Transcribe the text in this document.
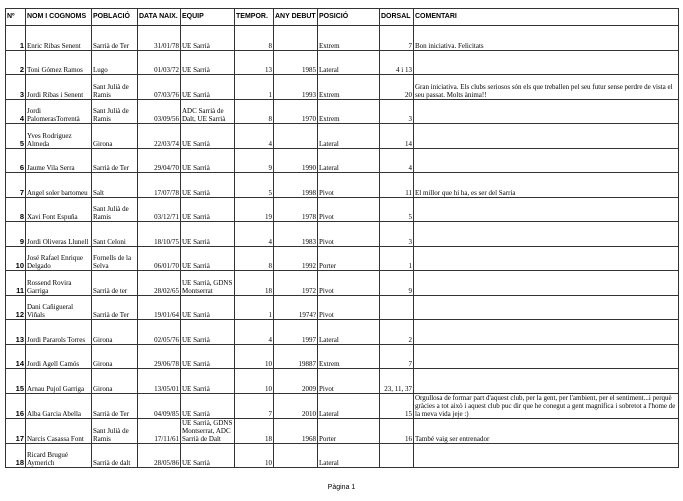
Nº	NOM I COGNOMS	POBLACIÓ	DATA NAIX.	EQUIP	TEMPOR.	ANY DEBUT	POSICIÓ	DORSAL	COMENTARI
1	Enric Ribas Senent	Sarrià de Ter	31/01/78	UE Sarrià	8		Extrem	7	Bon iniciativa. Felicitats
2	Toni Gómez Ramos	Lugo	01/03/72	UE Sarrià	13	1985	Lateral	4 i 13	
3	Jordi Ribas i Senent	Sant Julià de Ramis	07/03/76	UE Sarrià	1	1993	Extrem	20	Gran iniciativa. Els clubs seriosos són els que treballen pel seu futur sense perdre de vista el seu passat. Molts ànima!!
4	Jordi PalomerasTorrentà	Sant Julià de Ramis	03/09/56	ADC Sarrià de Dalt, UE Sarrià	8	1970	Extrem	3	
5	Yves Rodriguez Almeda	Girona	22/03/74	UE Sarrià	4		Lateral	14	
6	Jaume Vila Serra	Sarrià de Ter	29/04/70	UE Sarrià	9	1990	Lateral	4	
7	Angel soler bartomeu	Salt	17/07/78	UE Sarrià	5	1998	Pivot	11	El millor que hi ha, es ser del Sarria
8	Xavi Font Espuña	Sant Julià de Ramis	03/12/71	UE Sarrià	19	1978	Pivot	5	
9	Jordi Oliveras Llunell	Sant Celoni	18/10/75	UE Sarrià	4	1983	Pivot	3	
10	José Rafael Enrique Delgado	Fornells de la Selva	06/01/70	UE Sarrià	8	1992	Porter	1	
11	Rossend Rovira Garriga	Sarrià de ter	28/02/65	UE Sarrià, GDNS Montserrat	18	1972	Pivot	9	
12	Dani Cañigueral Viñals	Sarrià de Ter	19/01/64	UE Sarrià	1	1974?	Pivot		
13	Jordi Pararols Torres	Girona	02/05/76	UE Sarrià	4	1997	Lateral	2	
14	Jordi Agell Camós	Girona	29/06/78	UE Sarrià	10	19887	Extrem	7	
15	Arnau Pujol Garriga	Girona	13/05/01	UE Sarrià	10	2009	Pivot	23, 11, 37	
16	Alba Garcia Abella	Sarrià de Ter	04/09/85	UE Sarrià	7	2010	Lateral	15	Orgullosa de formar part d'aquest club, per la gent, per l'ambient, per el sentiment...i perquè gràcies a tot això i aquest club puc dir que he conegut a gent magnífica i sobretot a l'home de la meva vida jeje :)
17	Narcis Casassa Font	Sant Julià de Ramis	17/11/61	UE Sarrià, GDNS Montserrat, ADC Sarrià de Dalt	18	1968	Porter	16	També vaig ser entrenador
18	Ricard Brugué Aymerich	Sarrià de dalt	28/05/86	UE Sarrià	10		Lateral		
Pàgina 1
